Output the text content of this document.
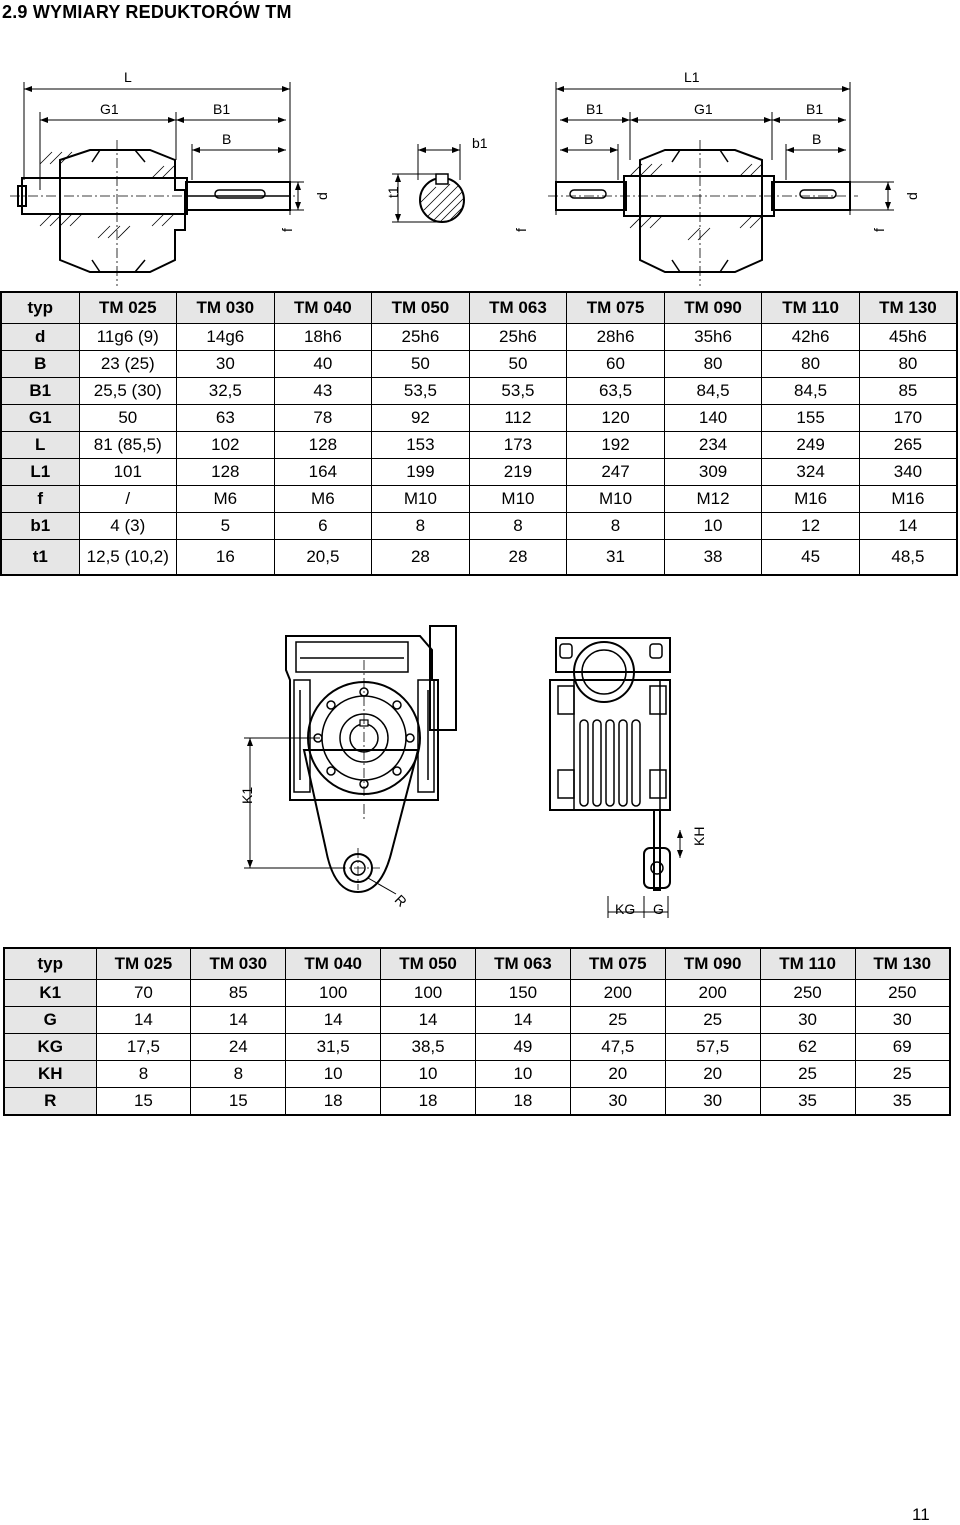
2.9 WYMIARY REDUKTORÓW TM
L
G1	B1
B
d
f
b1
t1
L1
B1	G1	B1
B	B
d
f	f
typ	TM 025	TM 030	TM 040	TM 050	TM 063	TM 075	TM 090	TM 110	TM 130
d	11g6 (9)	14g6	18h6	25h6	25h6	28h6	35h6	42h6	45h6
B	23 (25)	30	40	50	50	60	80	80	80
B1	25,5 (30)	32,5	43	53,5	53,5	63,5	84,5	84,5	85
G1	50	63	78	92	112	120	140	155	170
L	81 (85,5)	102	128	153	173	192	234	249	265
L1	101	128	164	199	219	247	309	324	340
f	/	M6	M6	M10	M10	M10	M12	M16	M16
b1	4 (3)	5	6	8	8	8	10	12	14
t1	12,5 (10,2)	16	20,5	28	28	31	38	45	48,5
R
K1
KH
KG G
typ	TM 025	TM 030	TM 040	TM 050	TM 063	TM 075	TM 090	TM 110	TM 130
K1	70	85	100	100	150	200	200	250	250
G	14	14	14	14	14	25	25	30	30
KG	17,5	24	31,5	38,5	49	47,5	57,5	62	69
KH	8	8	10	10	10	20	20	25	25
R	15	15	18	18	18	30	30	35	35
11
